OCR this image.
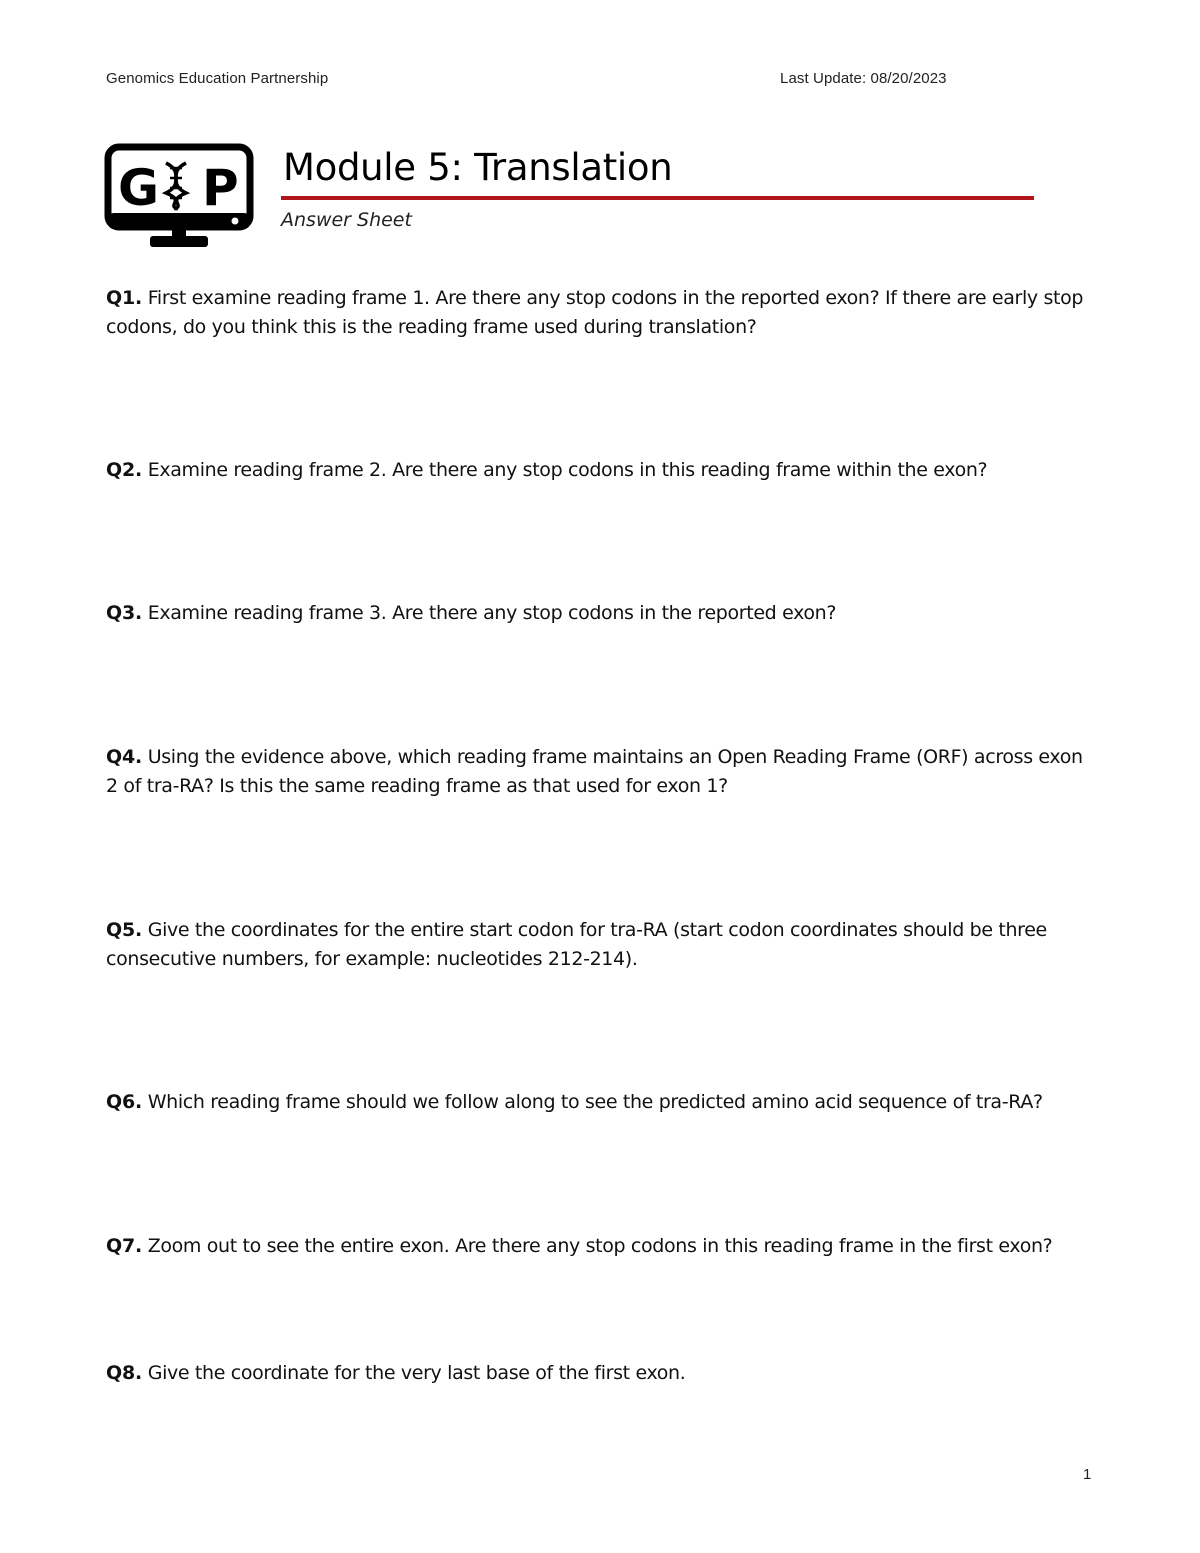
Genomics Education Partnership	Last Update: 08/20/2023
G P Module 5: Translation
Answer Sheet
Q1. First examine reading frame 1. Are there any stop codons in the reported exon? If there are early stop codons, do you think this is the reading frame used during translation?
Q2. Examine reading frame 2. Are there any stop codons in this reading frame within the exon?
Q3. Examine reading frame 3. Are there any stop codons in the reported exon?
Q4. Using the evidence above, which reading frame maintains an Open Reading Frame (ORF) across exon 2 of tra-RA? Is this the same reading frame as that used for exon 1?
Q5. Give the coordinates for the entire start codon for tra-RA (start codon coordinates should be three consecutive numbers, for example: nucleotides 212-214).
Q6. Which reading frame should we follow along to see the predicted amino acid sequence of tra-RA?
Q7. Zoom out to see the entire exon. Are there any stop codons in this reading frame in the first exon?
Q8. Give the coordinate for the very last base of the first exon.
1
